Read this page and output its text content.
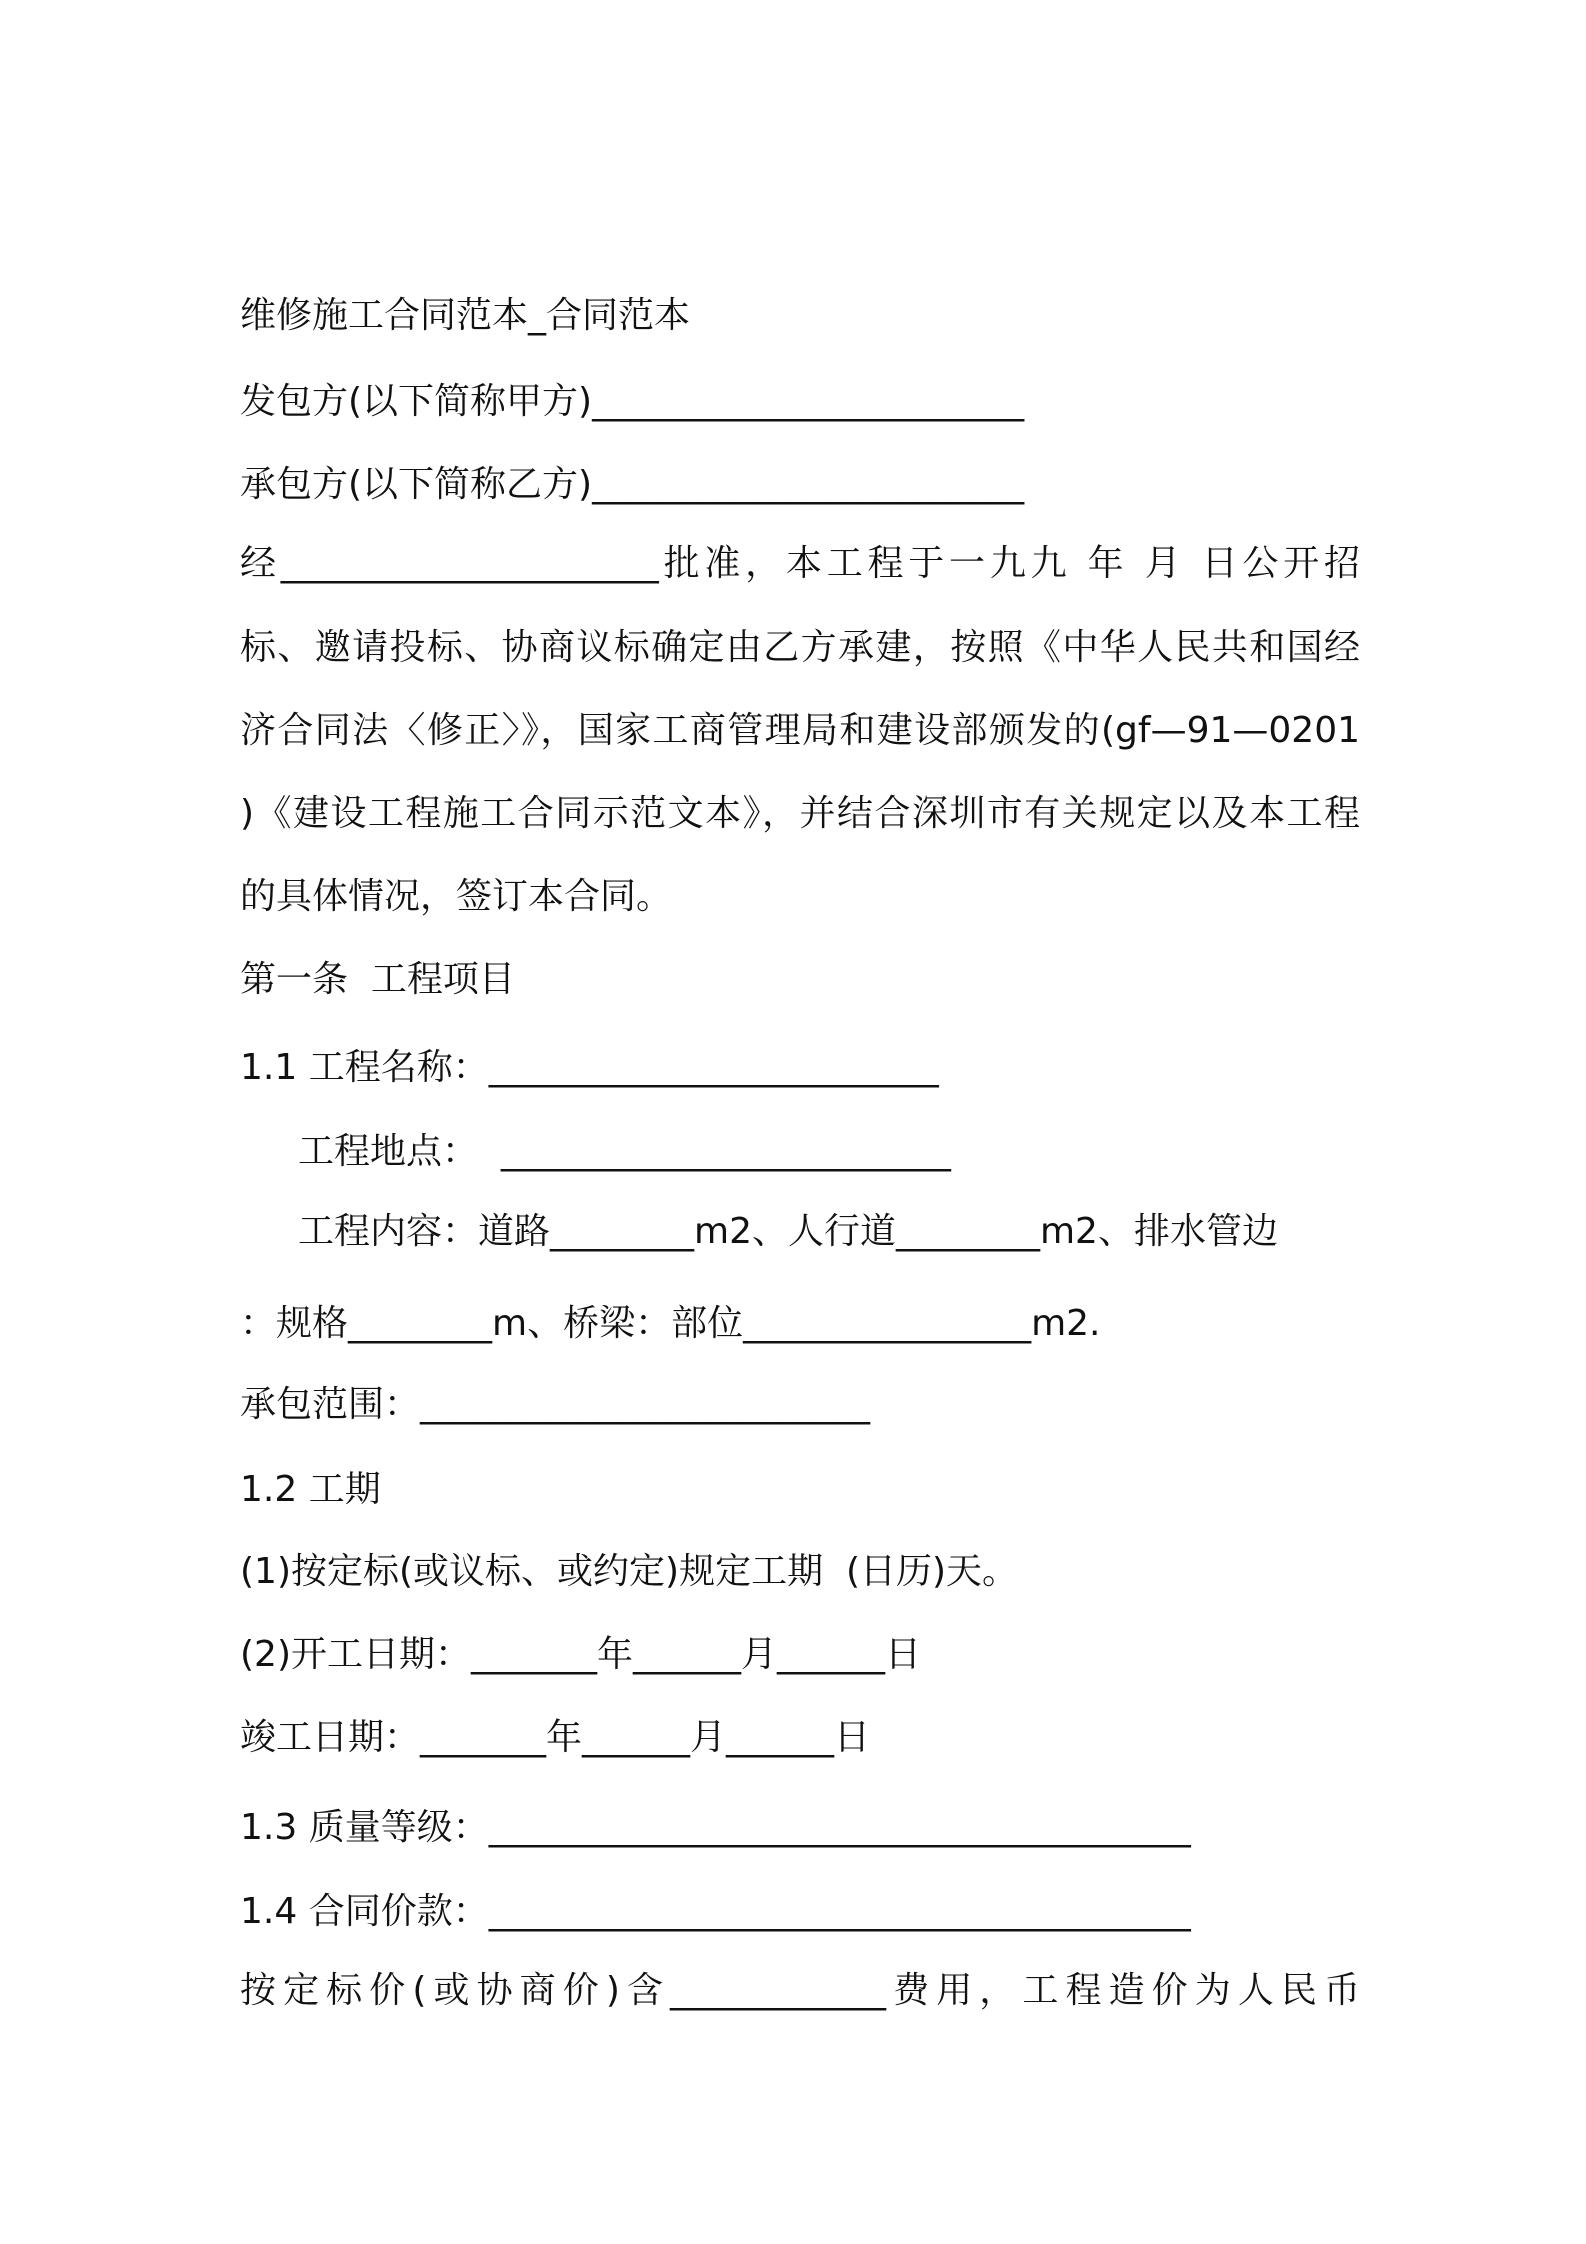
维修施工合同范本_合同范本
发包方(以下简称甲方)________________________
承包方(以下简称乙方)________________________
经_____________________批准，本工程于一九九 年 月 日公开招
标、邀请投标、协商议标确定由乙方承建，按照《中华人民共和国经
济合同法〈修正〉》，国家工商管理局和建设部颁发的(gf—91—0201
)《建设工程施工合同示范文本》，并结合深圳市有关规定以及本工程
的具体情况，签订本合同。
第一条  工程项目
1.1 工程名称：_________________________
工程地点：  _________________________
工程内容：道路________m2、人行道________m2、排水管边
：规格________m、桥梁：部位________________m2.
承包范围：_________________________
1.2 工期
(1)按定标(或议标、或约定)规定工期  (日历)天。
(2)开工日期：_______年______月______日
竣工日期：_______年______月______日
1.3 质量等级：_______________________________________
1.4 合同价款：_______________________________________
按定标价(或协商价)含____________费用，工程造价为人民币
